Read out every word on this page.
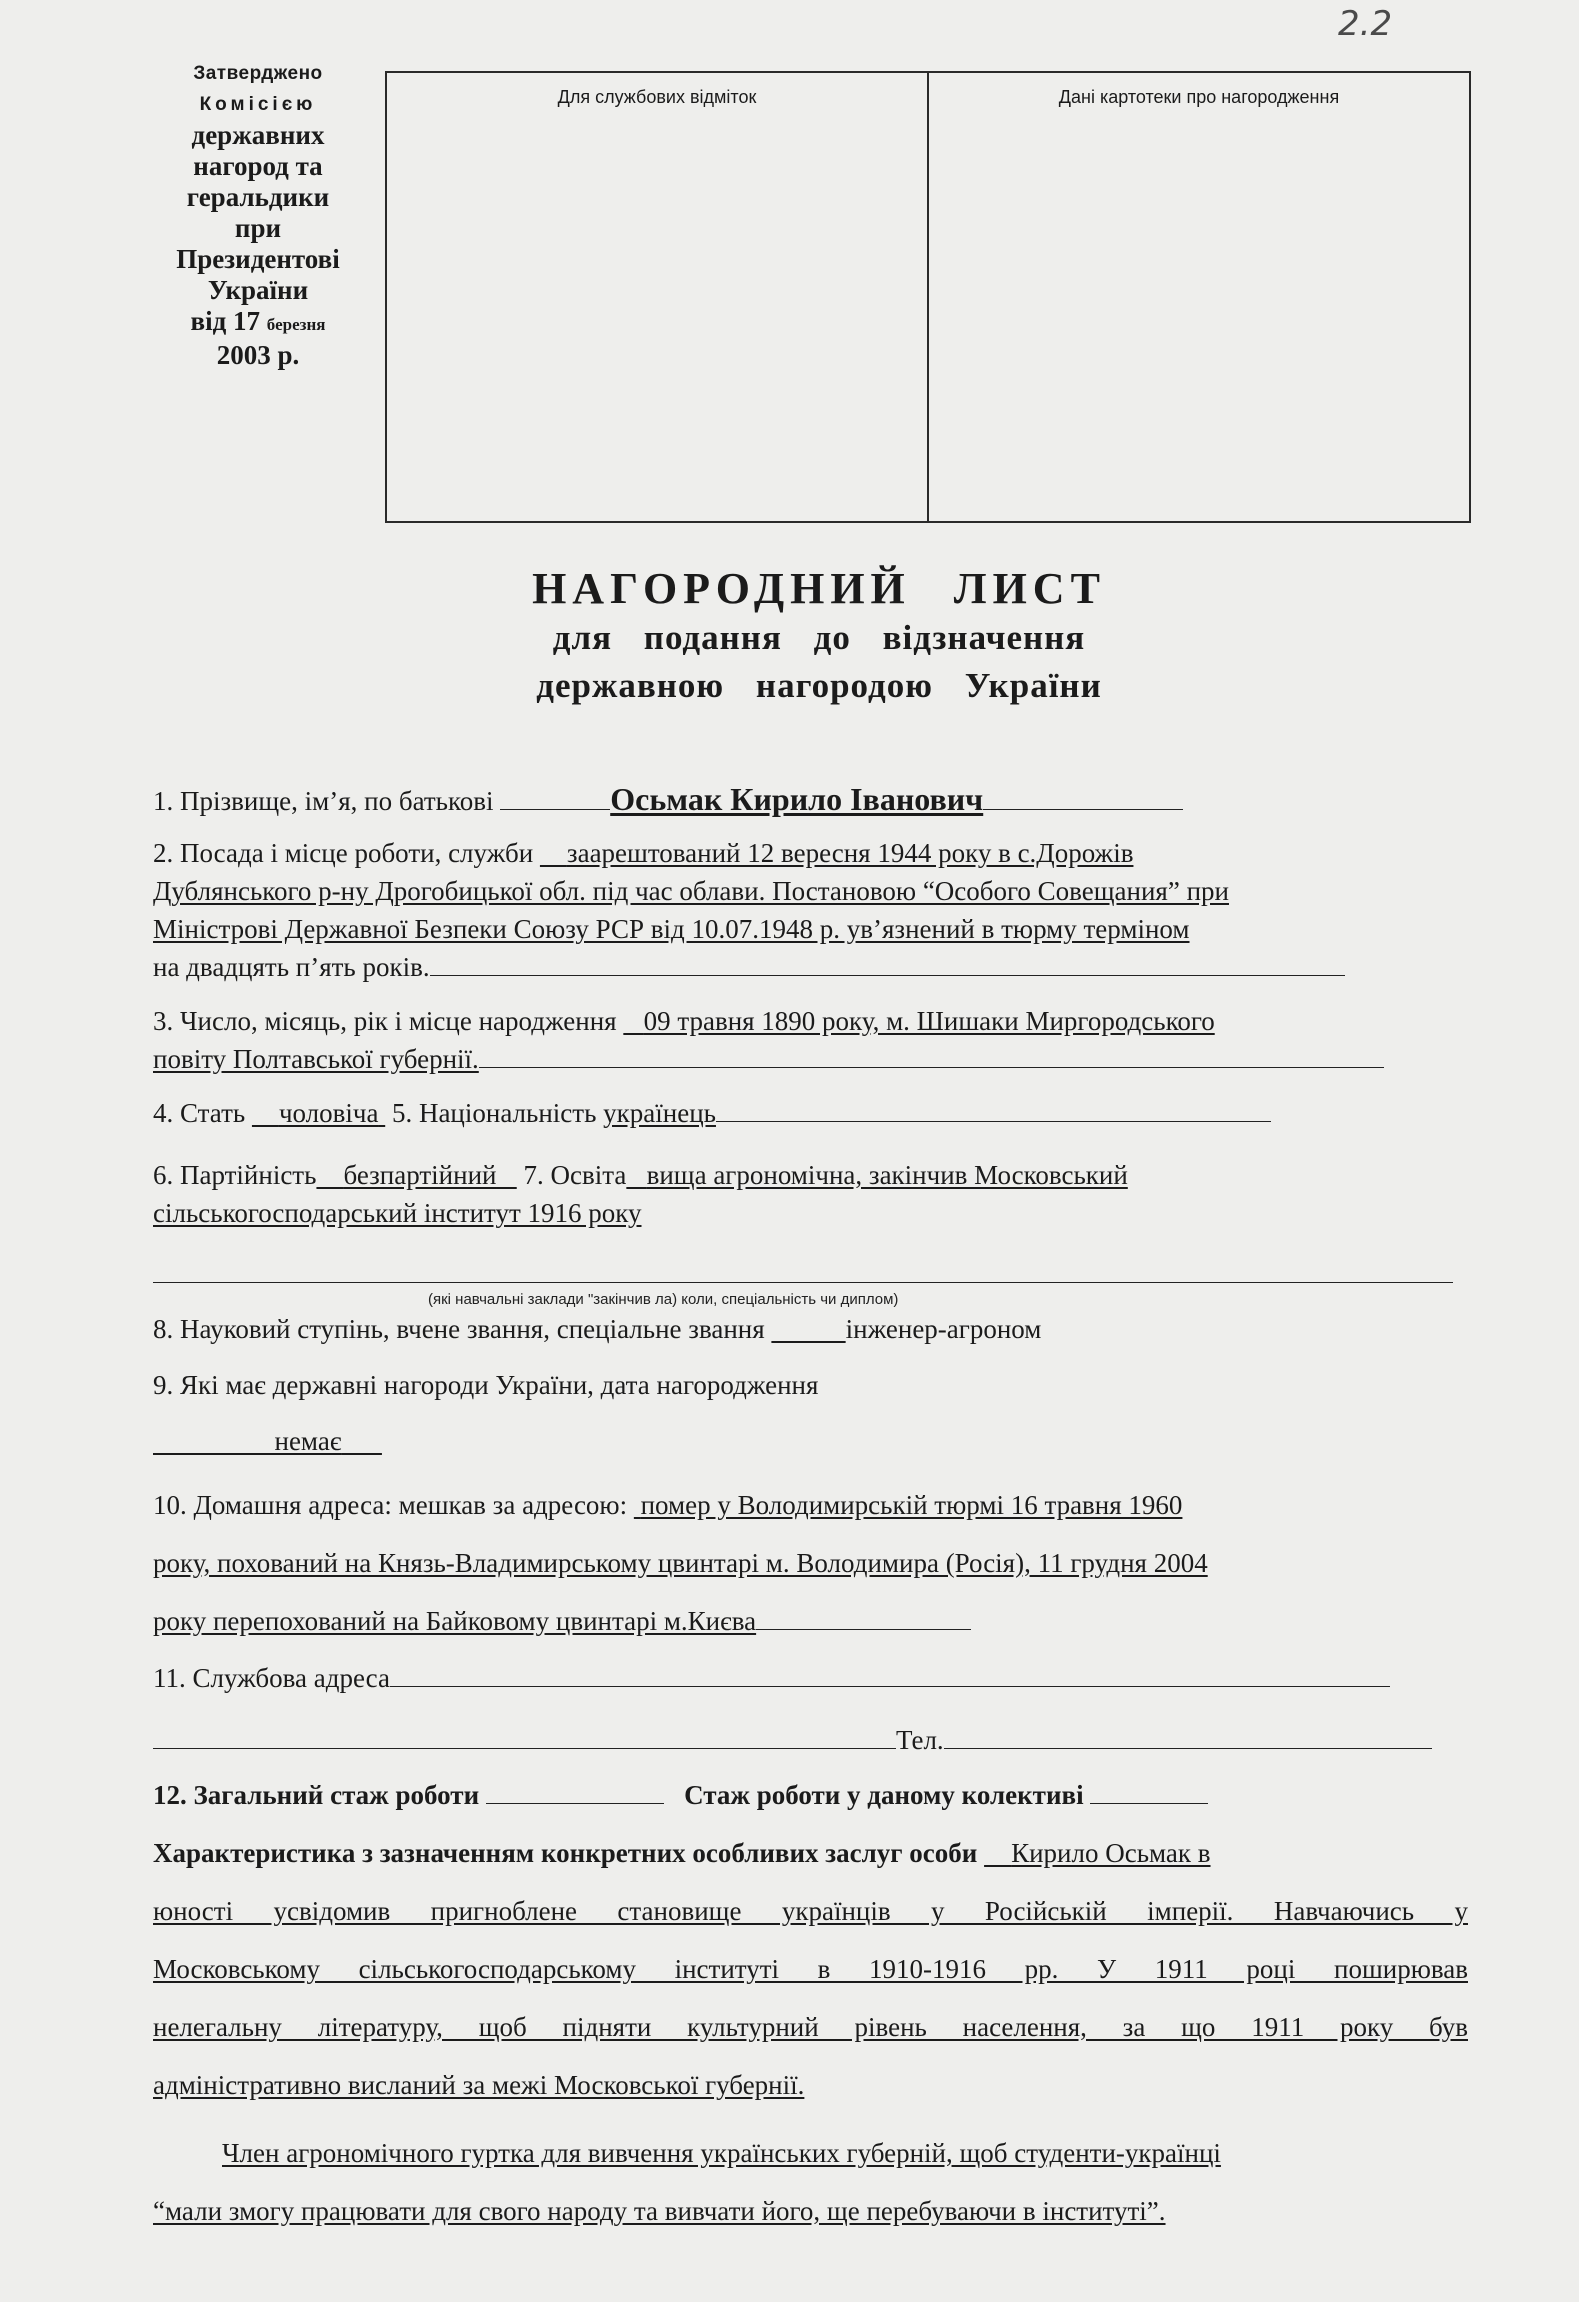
2.2
Затверджено
Комісією
державних
нагород та
геральдики
при
Президентові
України
від 17 березня
2003 р.
Для службових відміток	Дані картотеки про нагородження
НАГОРОДНИЙ ЛИСТ
для подання до відзначення
державною нагородою України
1. Прізвище, ім’я, по батькові	Осьмак Кирило Іванович
2. Посада і місце роботи, служби заарештований 12 вересня 1944 року в с.Дорожів
Дублянського р-ну Дрогобицької обл. під час облави. Постановою “Особого Совещания” при
Міністрові Державної Безпеки Союзу РСР від 10.07.1948 р. ув’язнений в тюрму терміном
на двадцять п’ять років.
3. Число, місяць, рік і місце народження 09 травня 1890 року, м. Шишаки Миргородського
повіту Полтавської губернії.
4. Стать чоловіча 5. Національність українець
6. Партійність безпартійний 7. Освіта вища агрономічна, закінчив Московський
сільськогосподарський інститут 1916 року
(які навчальні заклади "закінчив ла) коли, спеціальність чи диплом)
8. Науковий ступінь, вчене звання, спеціальне звання	інженер-агроном
9. Які має державні нагороди України, дата нагородження
немає
10. Домашня адреса: мешкав за адресою: помер у Володимирській тюрмі 16 травня 1960
року, похований на Князь-Владимирському цвинтарі м. Володимира (Росія), 11 грудня 2004
року перепохований на Байковому цвинтарі м.Києва
11. Службова адреса
Тел.
12. Загальний стаж роботи	Стаж роботи у даному колективі
Характеристика з зазначенням конкретних особливих заслуг особи Кирило Осьмак в
юності усвідомив пригноблене становище українців у Російській імперії. Навчаючись у
Московському сільськогосподарському інституті в 1910-1916 рр. У 1911 році поширював
нелегальну літературу, щоб підняти культурний рівень населення, за що 1911 року був
адміністративно висланий за межі Московської губернії.
Член агрономічного гуртка для вивчення українських губерній, щоб студенти-українці
“мали змогу працювати для свого народу та вивчати його, ще перебуваючи в інституті”.
